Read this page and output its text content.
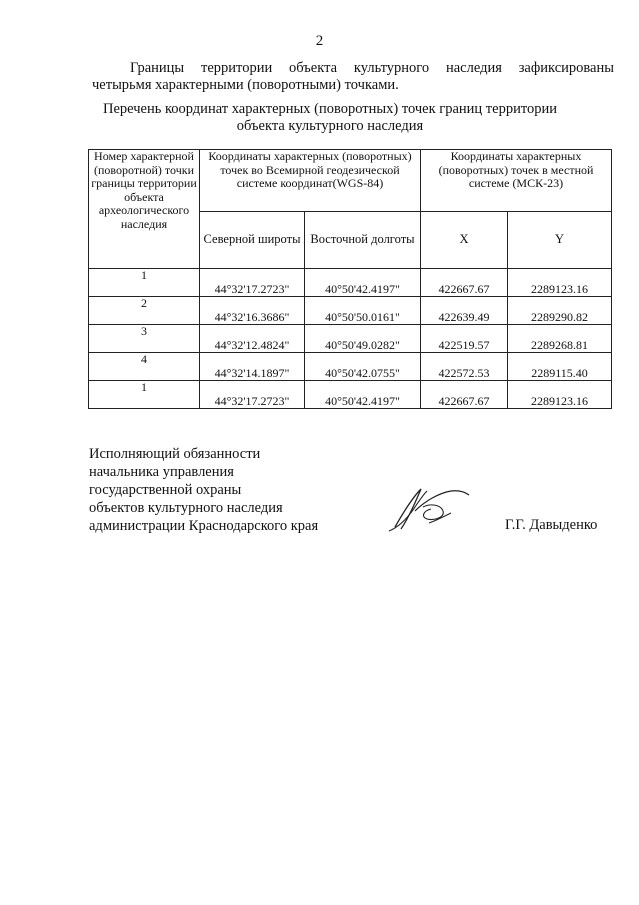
2
Границы территории объекта культурного наследия зафиксированы
четырьмя характерными (поворотными) точками.
Перечень координат характерных (поворотных) точек границ территории
объекта культурного наследия
Номер характерной (поворотной) точки границы территории объекта археологического наследия	Координаты характерных (поворотных) точек во Всемирной геодезической системе координат(WGS-84)		Координаты характерных (поворотных) точек в местной системе (МСК-23)	
	Северной широты	Восточной долготы	X	Y
1	44°32'17.2723"	40°50'42.4197"	422667.67	2289123.16
2	44°32'16.3686"	40°50'50.0161"	422639.49	2289290.82
3	44°32'12.4824"	40°50'49.0282"	422519.57	2289268.81
4	44°32'14.1897"	40°50'42.0755"	422572.53	2289115.40
1	44°32'17.2723"	40°50'42.4197"	422667.67	2289123.16
Исполняющий обязанности
начальника управления
государственной охраны
объектов культурного наследия
администрации Краснодарского края	Г.Г. Давыденко
